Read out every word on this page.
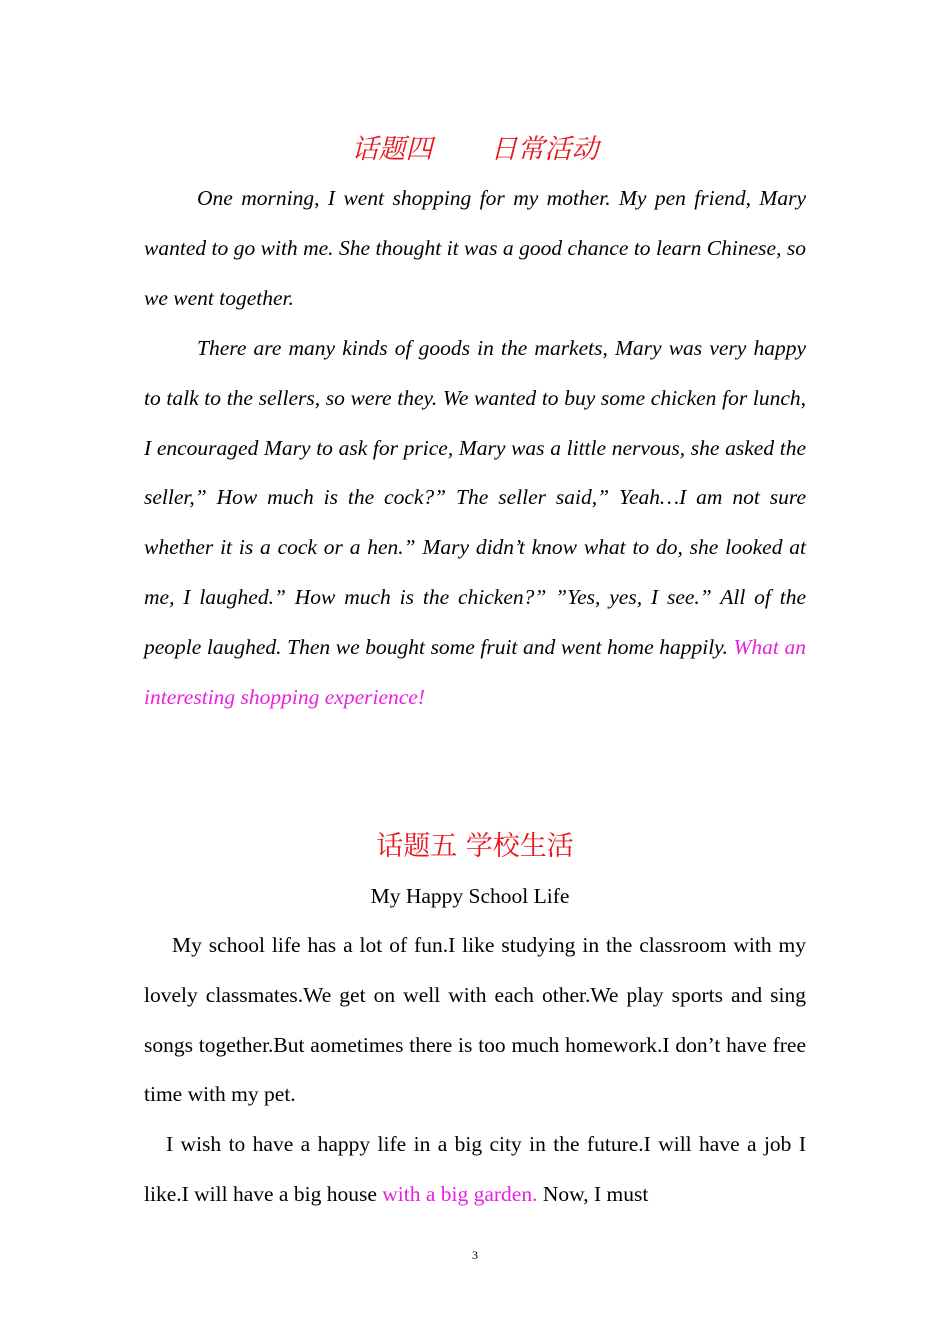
话题四 日常活动
One morning, I went shopping for my mother. My pen friend, Mary wanted to go with me. She thought it was a good chance to learn Chinese, so we went together.
There are many kinds of goods in the markets, Mary was very happy to talk to the sellers, so were they. We wanted to buy some chicken for lunch, I encouraged Mary to ask for price, Mary was a little nervous, she asked the seller,” How much is the cock?” The seller said,” Yeah…I am not sure whether it is a cock or a hen.” Mary didn’t know what to do, she looked at me, I laughed.” How much is the chicken?” ”Yes, yes, I see.” All of the people laughed. Then we bought some fruit and went home happily. What an interesting shopping experience!
话题五 学校生活
My Happy School Life
My school life has a lot of fun.I like studying in the classroom with my lovely classmates.We get on well with each other.We play sports and sing songs together.But aometimes there is too much homework.I don’t have free time with my pet.
I wish to have a happy life in a big city in the future.I will have a job I like.I will have a big house with a big garden. Now, I must
3
